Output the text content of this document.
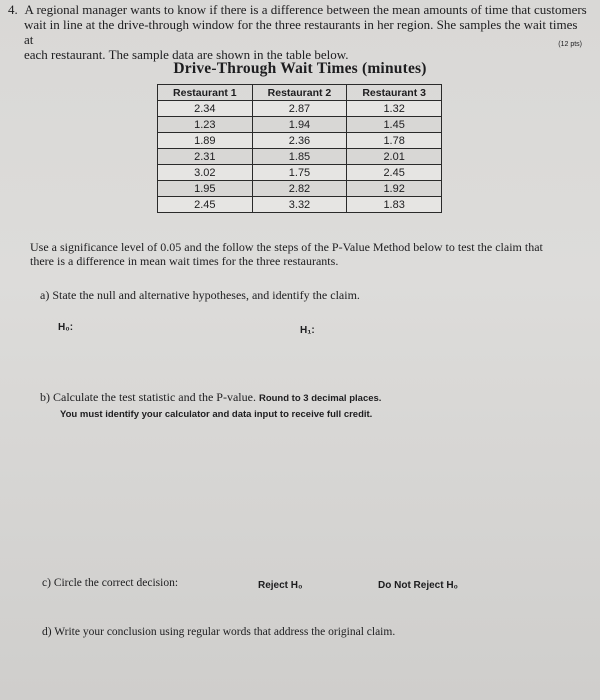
4. A regional manager wants to know if there is a difference between the mean amounts of time that customers
wait in line at the drive-through window for the three restaurants in her region. She samples the wait times at
each restaurant. The sample data are shown in the table below.
(12 pts)
Drive-Through Wait Times (minutes)
Restaurant 1	Restaurant 2	Restaurant 3
2.34	2.87	1.32
1.23	1.94	1.45
1.89	2.36	1.78
2.31	1.85	2.01
3.02	1.75	2.45
1.95	2.82	1.92
2.45	3.32	1.83
Use a significance level of 0.05 and the follow the steps of the P-Value Method below to test the claim that
there is a difference in mean wait times for the three restaurants.
a) State the null and alternative hypotheses, and identify the claim.
H₀:	H₁:
b) Calculate the test statistic and the P-value. Round to 3 decimal places.
You must identify your calculator and data input to receive full credit.
c) Circle the correct decision:	Reject H₀	Do Not Reject H₀
d) Write your conclusion using regular words that address the original claim.
